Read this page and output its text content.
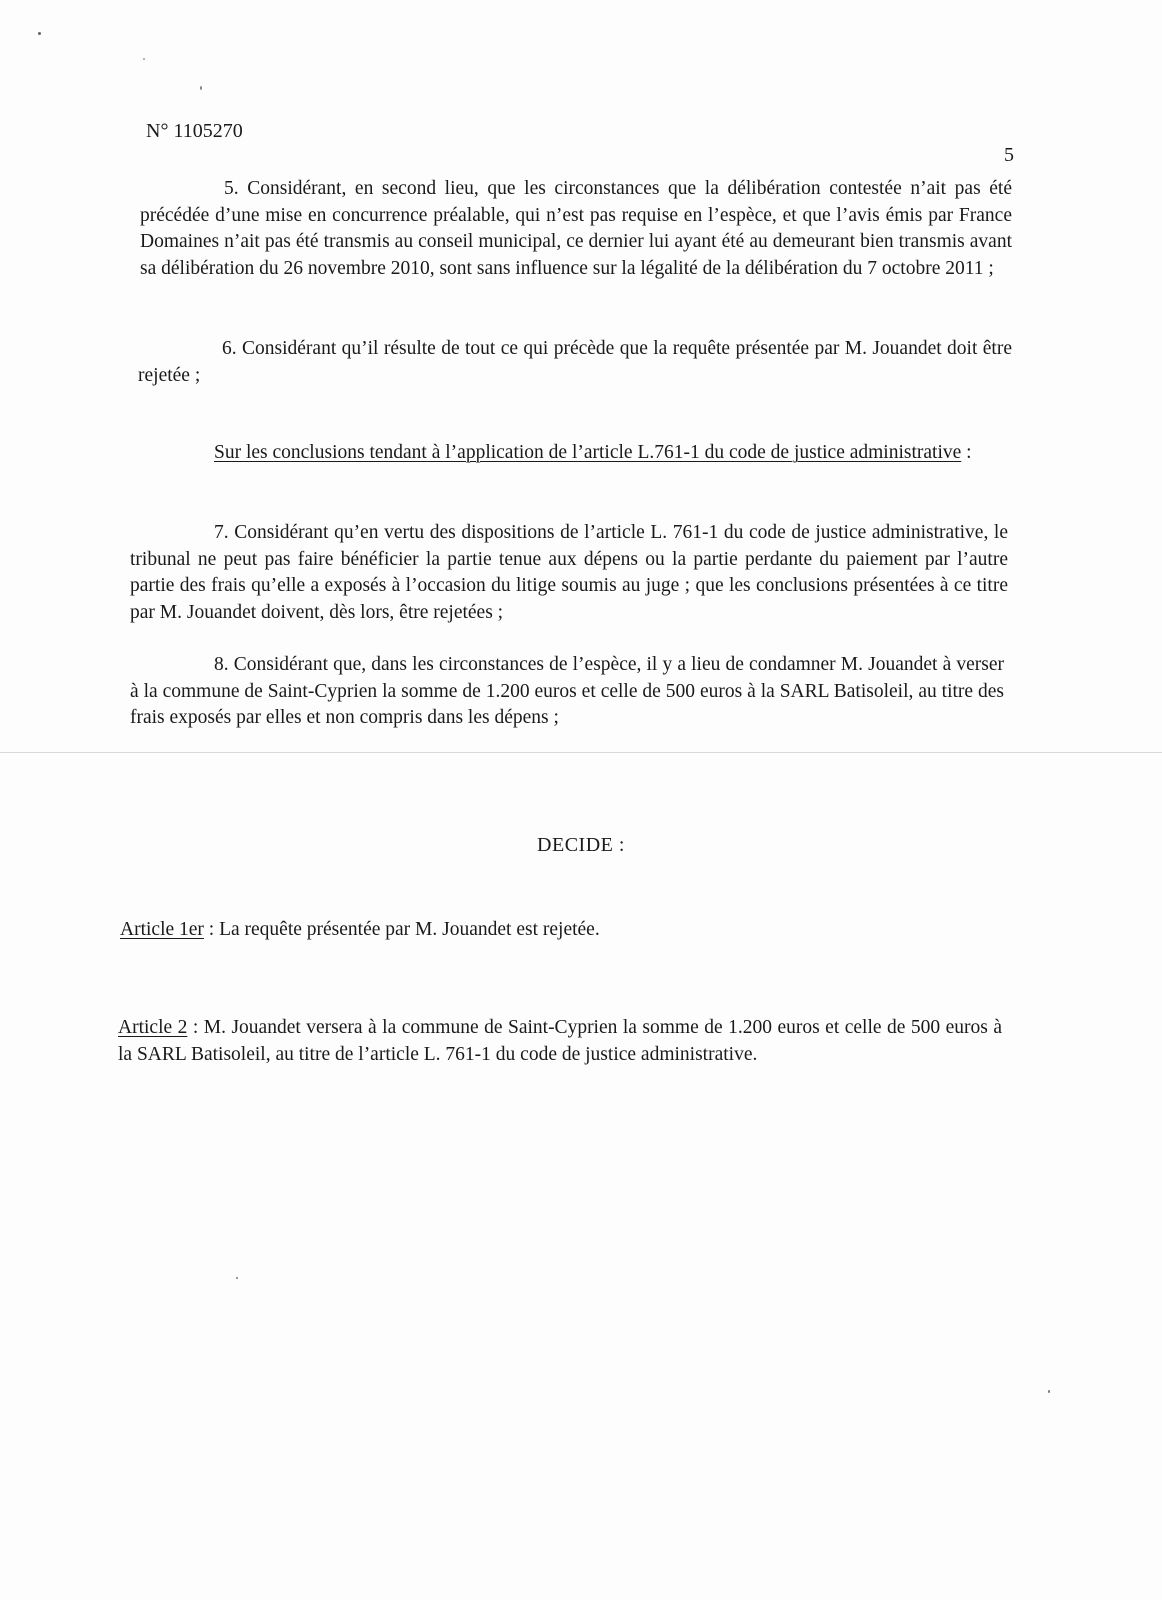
N° 1105270
5

5. Considérant, en second lieu, que les circonstances que la délibération contestée n’ait pas été précédée d’une mise en concurrence préalable, qui n’est pas requise en l’espèce, et que l’avis émis par France Domaines n’ait pas été transmis au conseil municipal, ce dernier lui ayant été au demeurant bien transmis avant sa délibération du 26 novembre 2010, sont sans influence sur la légalité de la délibération du 7 octobre 2011 ;

6. Considérant qu’il résulte de tout ce qui précède que la requête présentée par M. Jouandet doit être rejetée ;

Sur les conclusions tendant à l’application de l’article L.761-1 du code de justice administrative :

7. Considérant qu’en vertu des dispositions de l’article L. 761-1 du code de justice administrative, le tribunal ne peut pas faire bénéficier la partie tenue aux dépens ou la partie perdante du paiement par l’autre partie des frais qu’elle a exposés à l’occasion du litige soumis au juge ; que les conclusions présentées à ce titre par M. Jouandet doivent, dès lors, être rejetées ;

8. Considérant que, dans les circonstances de l’espèce, il y a lieu de condamner M. Jouandet à verser à la commune de Saint-Cyprien la somme de 1.200 euros et celle de 500 euros à la SARL Batisoleil, au titre des frais exposés par elles et non compris dans les dépens ;

DECIDE :

Article 1er : La requête présentée par M. Jouandet est rejetée.

Article 2 : M. Jouandet versera à la commune de Saint-Cyprien la somme de 1.200 euros et celle de 500 euros à la SARL Batisoleil, au titre de l’article L. 761-1 du code de justice administrative.
